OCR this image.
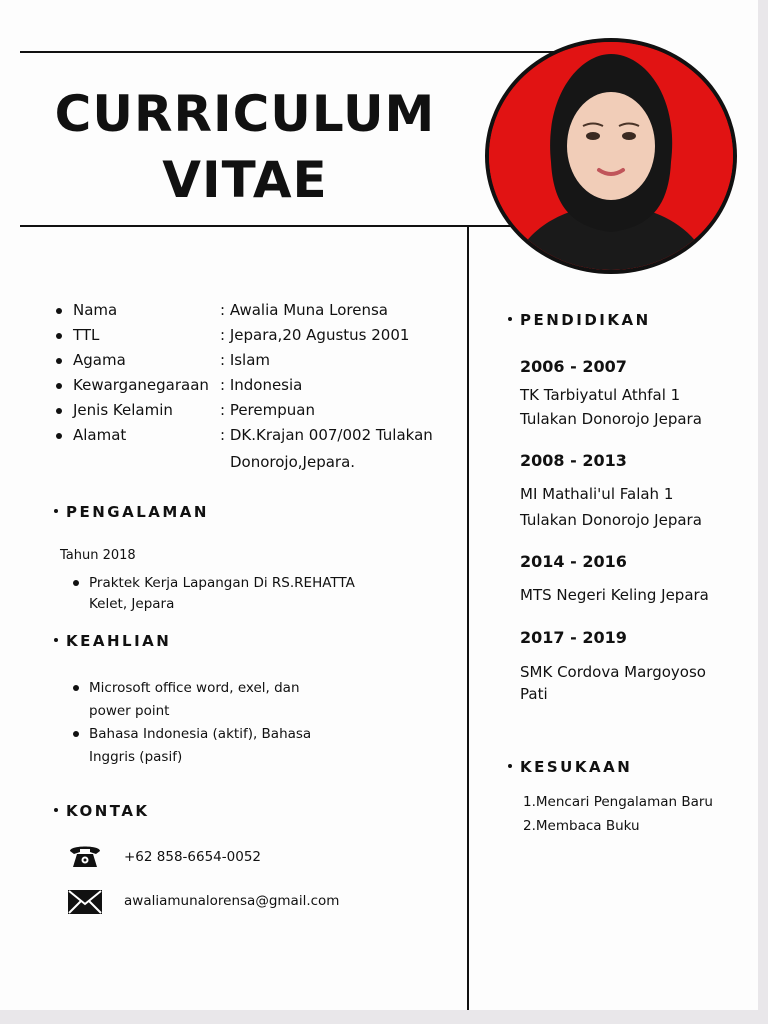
CURRICULUM
VITAE
Nama	: Awalia Muna Lorensa
TTL	: Jepara,20 Agustus 2001
Agama	: Islam
Kewarganegaraan : Indonesia
Jenis Kelamin	: Perempuan
Alamat	: DK.Krajan 007/002 Tulakan
Donorojo,Jepara.
PENGALAMAN
Tahun 2018
Praktek Kerja Lapangan Di RS.REHATTA
Kelet, Jepara
KEAHLIAN
Microsoft office word, exel, dan
power point
Bahasa Indonesia (aktif), Bahasa
Inggris (pasif)
KONTAK
+62 858-6654-0052
awaliamunalorensa@gmail.com
PENDIDIKAN
2006 - 2007
TK Tarbiyatul Athfal 1
Tulakan Donorojo Jepara
2008 - 2013
MI Mathali'ul Falah 1
Tulakan Donorojo Jepara
2014 - 2016
MTS Negeri Keling Jepara
2017 - 2019
SMK Cordova Margoyoso
Pati
KESUKAAN
1.Mencari Pengalaman Baru
2.Membaca Buku
